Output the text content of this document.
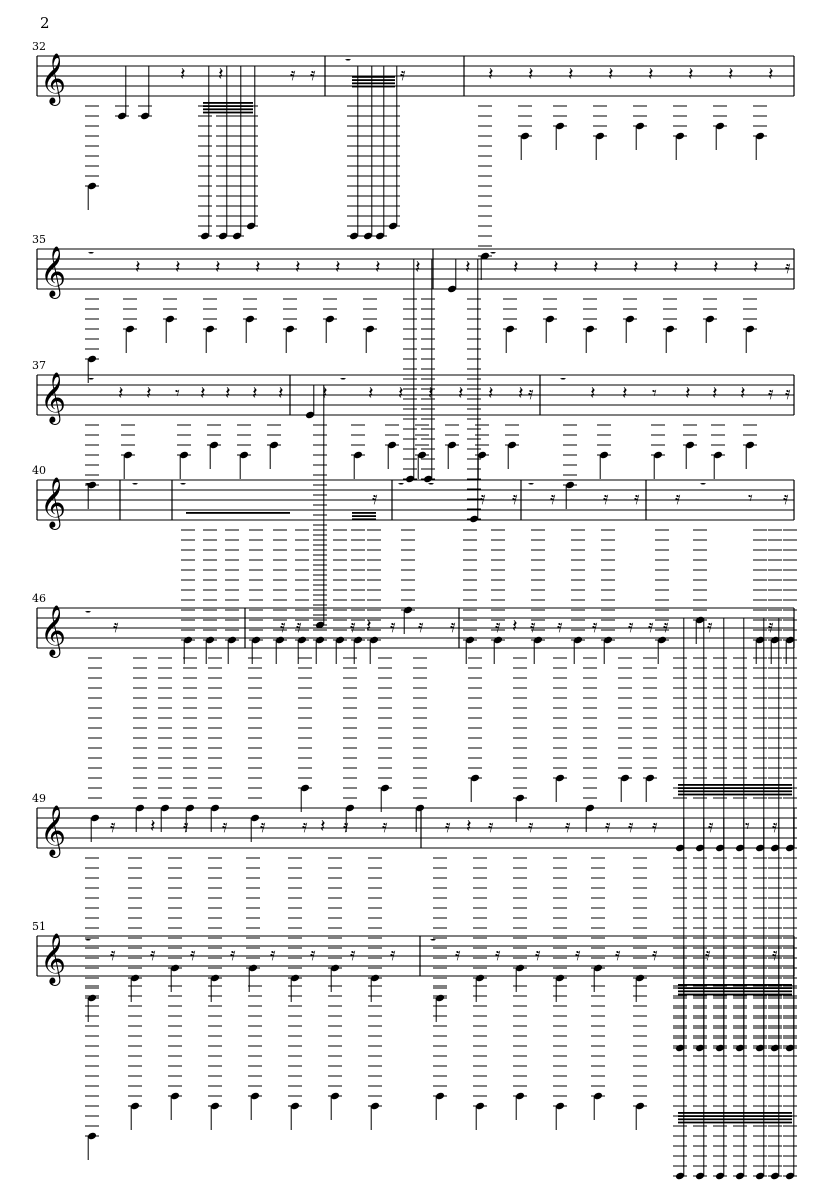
2
32
𝄞	𝄽 𝄽	𝄿 𝄿
𝄻
𝄿	𝄽 𝄽 𝄽 𝄽 𝄽 𝄽 𝄽 𝄽
35
𝄞 𝄻
𝄽 𝄽 𝄽 𝄽 𝄽 𝄽 𝄽 𝄽 𝄽
𝄻
𝄽 𝄽 𝄽 𝄽 𝄽 𝄽 𝄽 𝄿
37
𝄞 𝄻
𝄽 𝄽 𝄾 𝄽 𝄽 𝄽 𝄽 𝄽
𝄻
𝄽 𝄽 𝄽 𝄽 𝄽 𝄽 𝄿
𝄻
𝄽 𝄽 𝄾 𝄽 𝄽 𝄽 𝄿 𝄿
40
𝄞 𝄻	𝄻	𝄻
𝄿
𝄻 𝄻
𝄿 𝄿
𝄻
𝄿	𝄿 𝄿 𝄿
𝄻
𝄾 𝄿
46
𝄞 𝄻
𝄿	𝄿 𝄿	𝄿 𝄽 𝄿 𝄿 𝄿 𝄿 𝄽 𝄿 𝄿 𝄿 𝄿 𝄿 𝄿 𝄿	𝄿
49
𝄞 𝄿 𝄽 𝄿 𝄿 𝄿 𝄿 𝄽 𝄿 𝄿	𝄿 𝄽 𝄿 𝄿 𝄿 𝄿 𝄿 𝄿	𝄿 𝄾 𝄿
51
𝄞 𝄻
𝄿 𝄿 𝄿 𝄿 𝄿 𝄿 𝄿 𝄿
𝄻
𝄿 𝄿 𝄿 𝄿 𝄿 𝄿	𝄿	𝄿
